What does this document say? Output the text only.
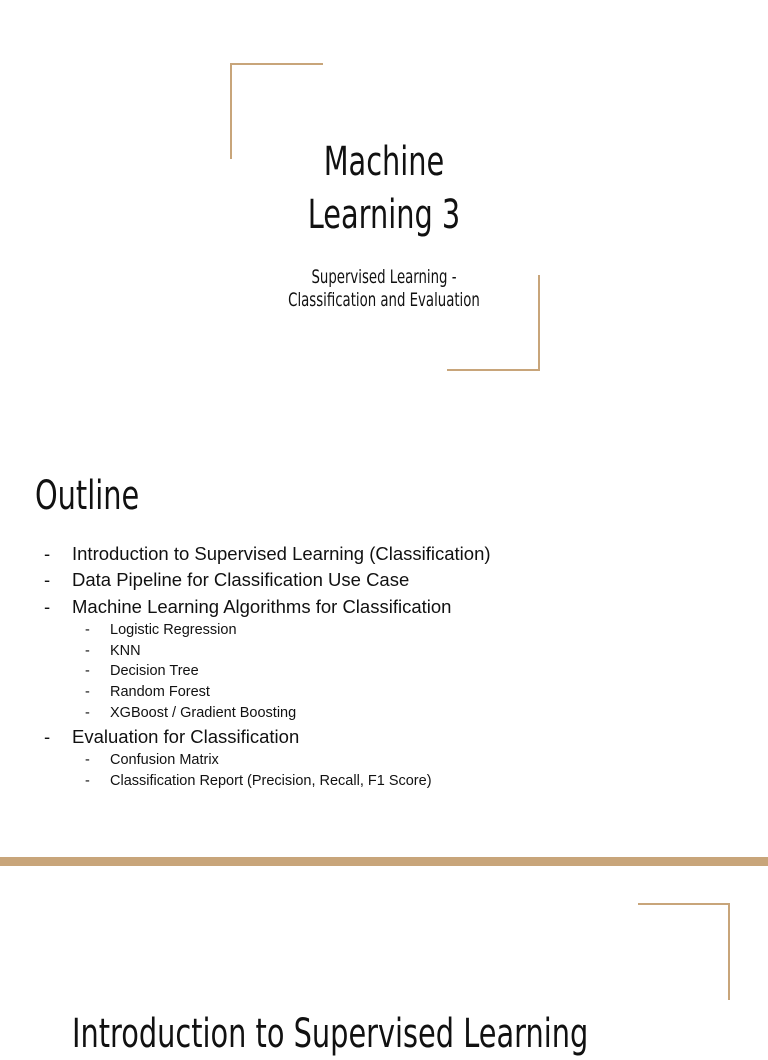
Machine
Learning 3
Supervised Learning -
Classification and Evaluation
Outline
- Introduction to Supervised Learning (Classification)
- Data Pipeline for Classification Use Case
- Machine Learning Algorithms for Classification
- Logistic Regression
- KNN
- Decision Tree
- Random Forest
- XGBoost / Gradient Boosting
- Evaluation for Classification
- Confusion Matrix
- Classification Report (Precision, Recall, F1 Score)
Introduction to Supervised Learning
